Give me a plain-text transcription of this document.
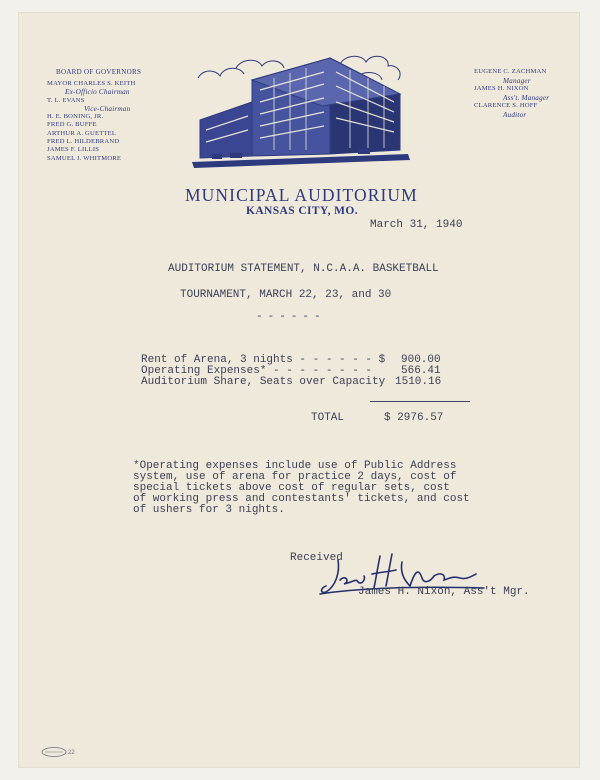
BOARD OF GOVERNORS
MAYOR CHARLES S. KEITH
Ex-Officio Chairman
T. L. EVANS
Vice-Chairman
H. E. BONING, JR.
FRED G. BUFFE
ARTHUR A. GUETTEL
FRED L. HILDEBRAND
JAMES F. LILLIS
SAMUEL J. WHITMORE
EUGENE C. ZACHMAN
Manager
JAMES H. NIXON
Ass't. Manager
CLARENCE S. HOFF
Auditor
MUNICIPAL AUDITORIUM
KANSAS CITY, MO.
March 31, 1940
AUDITORIUM STATEMENT, N.C.A.A. BASKETBALL
TOURNAMENT, MARCH 22, 23, and 30
------
Rent of Arena, 3 nights - - - - - - $ 900.00
Operating Expenses* - - - - - - - -	566.41
Auditorium Share, Seats over Capacity 1510.16
TOTAL	$ 2976.57
*Operating expenses include use of Public Address
system, use of arena for practice 2 days, cost of
special tickets above cost of regular sets, cost
of working press and contestants' tickets, and cost
of ushers for 3 nights.
Received
James H. Nixon, Ass't Mgr.
22
